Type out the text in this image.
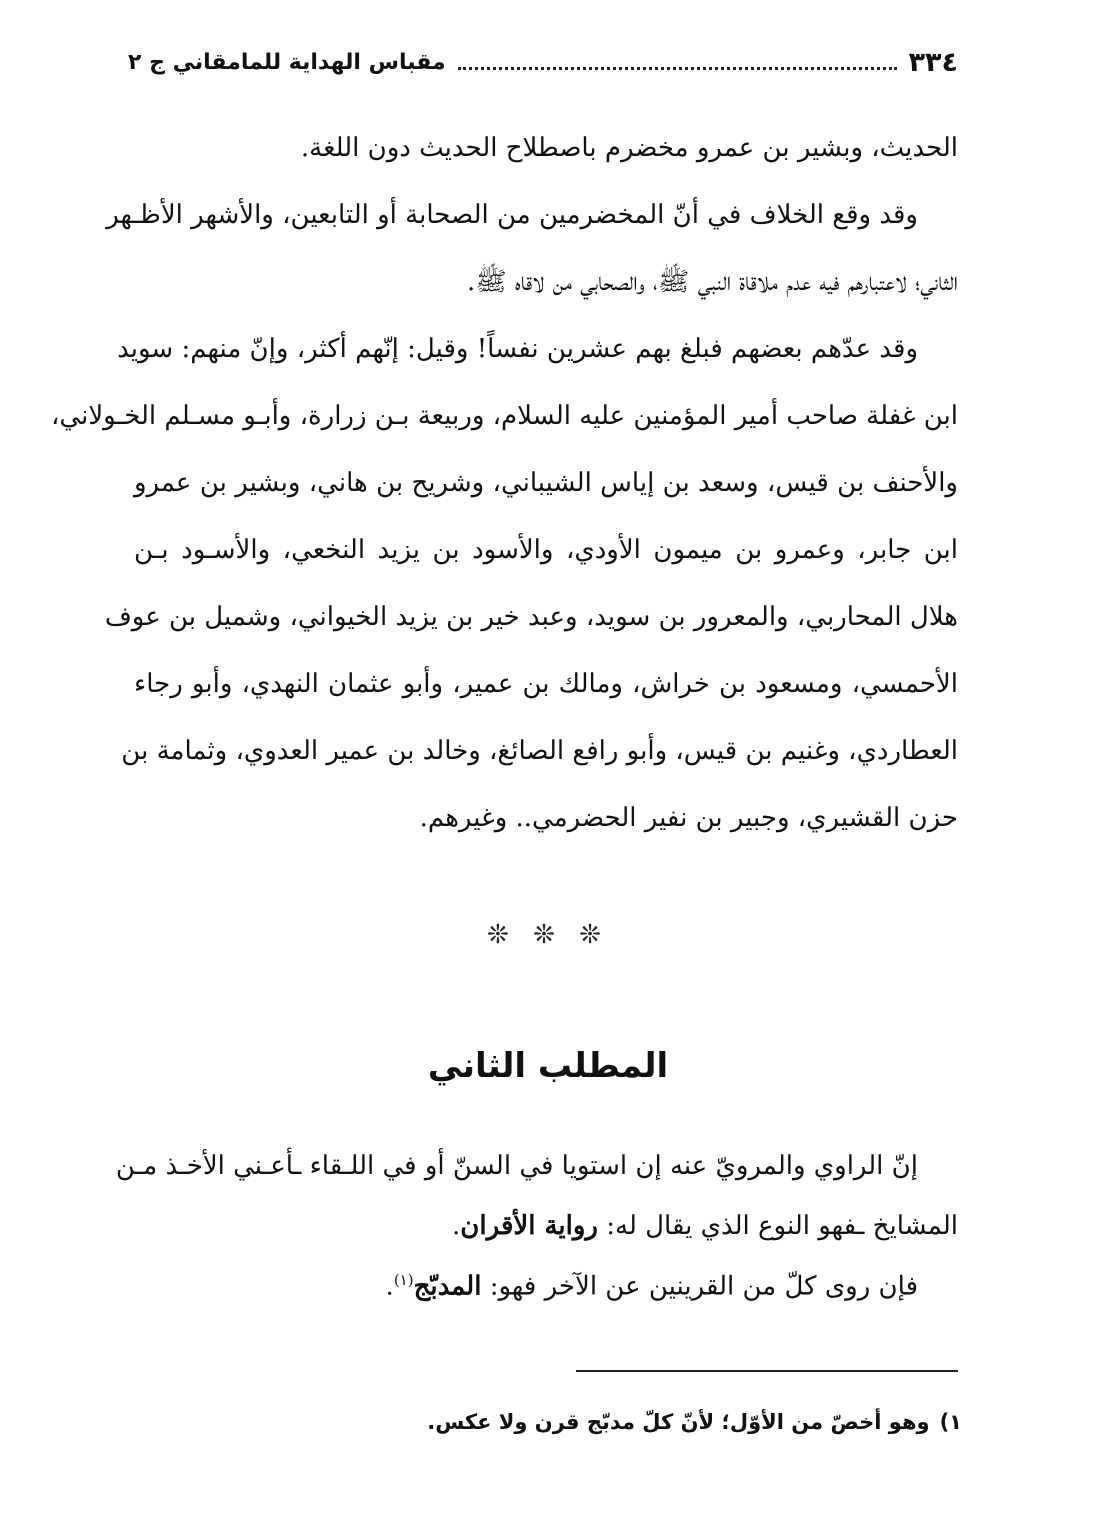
٣٣٤
مقباس الهداية للمامقاني ج ٢
الحديث، وبشير بن عمرو مخضرم باصطلاح الحديث دون اللغة.
وقد وقع الخلاف في أنّ المخضرمين من الصحابة أو التابعين، والأشهر الأظـهر
الثاني؛ لاعتبارهم فيه عدم ملاقاة النبي ﷺ، والصحابي من لاقاه ﷺ.
وقد عدّهم بعضهم فبلغ بهم عشرين نفساً! وقيل: إنّهم أكثر، وإنّ منهم: سويد
ابن غفلة صاحب أمير المؤمنين عليه السلام، وربيعة بـن زرارة، وأبـو مسـلم الخـولاني،
والأحنف بن قيس، وسعد بن إياس الشيباني، وشريح بن هاني، وبشير بن عمرو
ابن جابر، وعمرو بن ميمون الأودي، والأسود بن يزيد النخعي، والأسـود بـن
هلال المحاربي، والمعرور بن سويد، وعبد خير بن يزيد الخيواني، وشميل بن عوف
الأحمسي، ومسعود بن خراش، ومالك بن عمير، وأبو عثمان النهدي، وأبو رجاء
العطاردي، وغنيم بن قيس، وأبو رافع الصائغ، وخالد بن عمير العدوي، وثمامة بن
حزن القشيري، وجبير بن نفير الحضرمي.. وغيرهم.
❊ ❊ ❊
المطلب الثاني
إنّ الراوي والمرويّ عنه إن استويا في السنّ أو في اللـقاء ـأعـني الأخـذ مـن
المشايخ ـفهو النوع الذي يقال له: رواية الأقران.
فإن روى كلّ من القرينين عن الآخر فهو: المدبّج$^{(١)}$.
١)وهو أخصّ من الأوّل؛ لأنّ كلّ مدبّج قرن ولا عكس.
